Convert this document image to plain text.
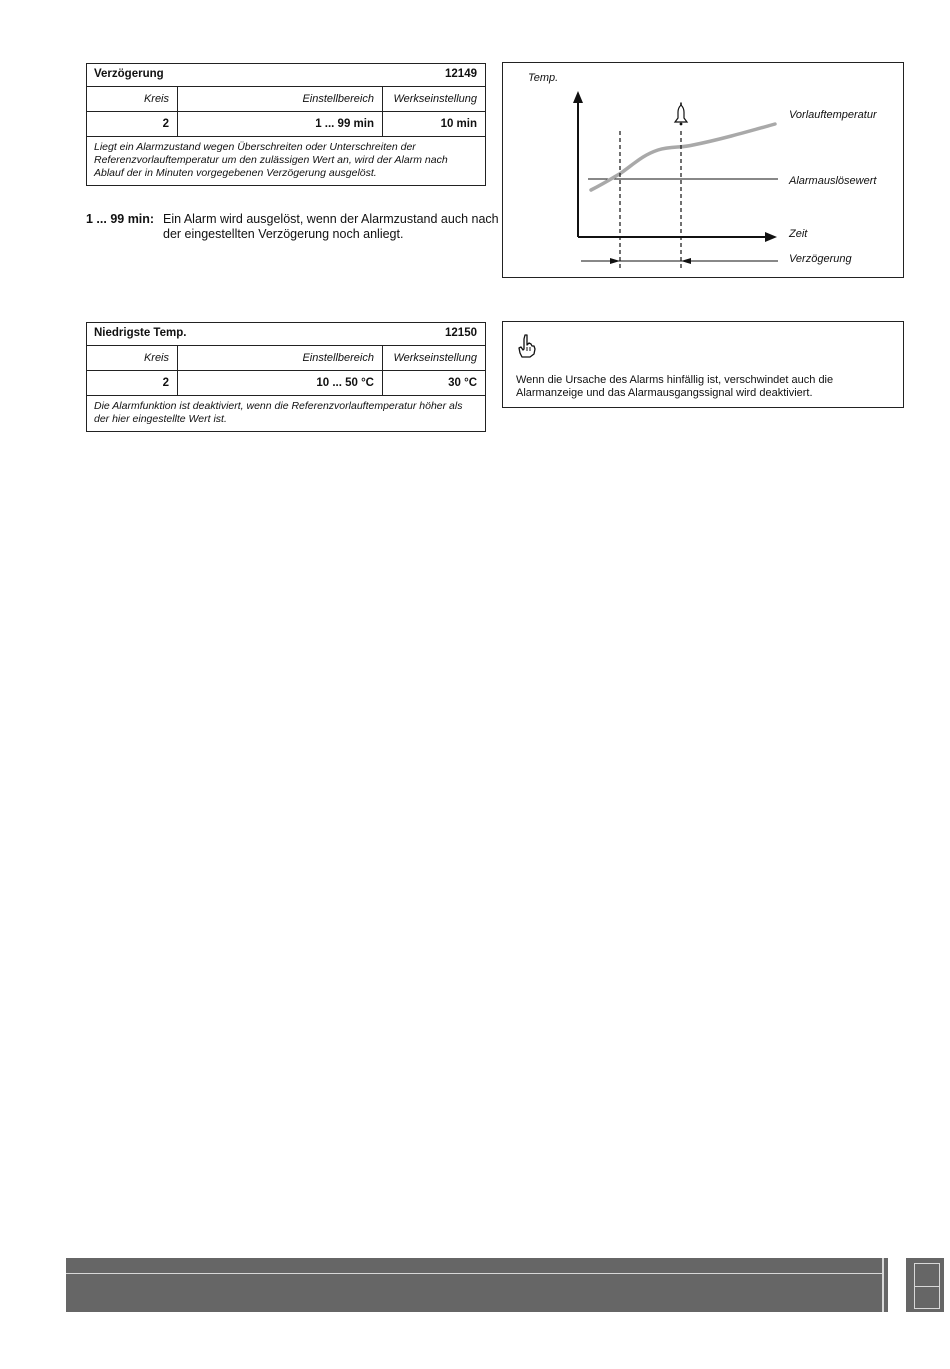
Verzögerung	12149
Kreis	Einstellbereich	Werkseinstellung
2	1 ... 99 min	10 min
Liegt ein Alarmzustand wegen Überschreiten oder Unterschreiten der Referenzvorlauftemperatur um den zulässigen Wert an, wird der Alarm nach Ablauf der in Minuten vorgegebenen Verzögerung ausgelöst.
1 ... 99 min: Ein Alarm wird ausgelöst, wenn der Alarmzustand auch nach der eingestellten Verzögerung noch anliegt.
Temp.
Vorlauftemperatur
Alarmauslösewert
Zeit
Verzögerung
Niedrigste Temp.	12150
Kreis	Einstellbereich	Werkseinstellung
2	10 ... 50 °C	30 °C
Die Alarmfunktion ist deaktiviert, wenn die Referenzvorlauftemperatur höher als der hier eingestellte Wert ist.
Wenn die Ursache des Alarms hinfällig ist, verschwindet auch die Alarmanzeige und das Alarmausgangssignal wird deaktiviert.
